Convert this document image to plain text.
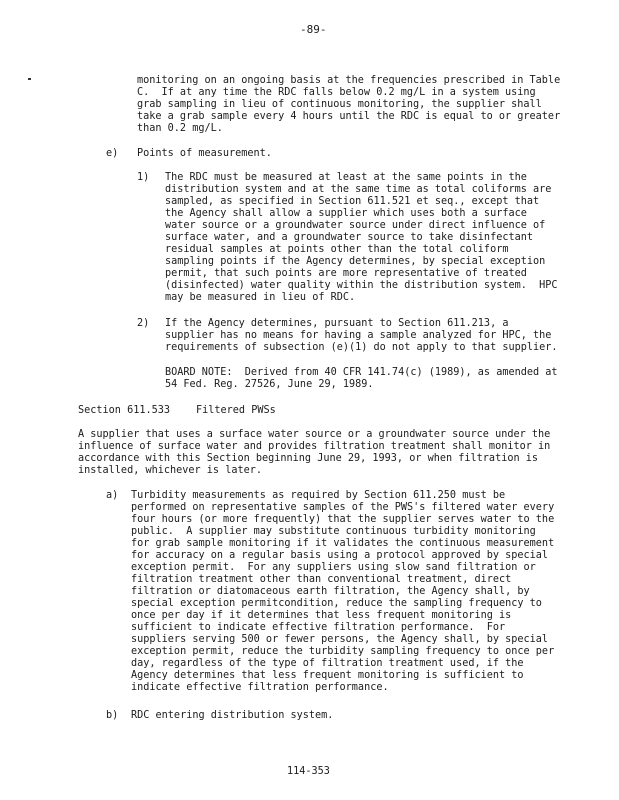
-89-
monitoring on an ongoing basis at the frequencies prescribed in Table
C.  If at any time the RDC falls below 0.2 mg/L in a system using
grab sampling in lieu of continuous monitoring, the supplier shall
take a grab sample every 4 hours until the RDC is equal to or greater
than 0.2 mg/L.
e) Points of measurement.
1) The RDC must be measured at least at the same points in the
distribution system and at the same time as total coliforms are
sampled, as specified in Section 611.521 et seq., except that
the Agency shall allow a supplier which uses both a surface
water source or a groundwater source under direct influence of
surface water, and a groundwater source to take disinfectant
residual samples at points other than the total coliform
sampling points if the Agency determines, by special exception
permit, that such points are more representative of treated
(disinfected) water quality within the distribution system.  HPC
may be measured in lieu of RDC.
2) If the Agency determines, pursuant to Section 611.213, a
supplier has no means for having a sample analyzed for HPC, the
requirements of subsection (e)(1) do not apply to that supplier.
BOARD NOTE:  Derived from 40 CFR 141.74(c) (1989), as amended at
54 Fed. Reg. 27526, June 29, 1989.
Section 611.533	Filtered PWSs
A supplier that uses a surface water source or a groundwater source under the
influence of surface water and provides filtration treatment shall monitor in
accordance with this Section beginning June 29, 1993, or when filtration is
installed, whichever is later.
a) Turbidity measurements as required by Section 611.250 must be
performed on representative samples of the PWS's filtered water every
four hours (or more frequently) that the supplier serves water to the
public.  A supplier may substitute continuous turbidity monitoring
for grab sample monitoring if it validates the continuous measurement
for accuracy on a regular basis using a protocol approved by special
exception permit.  For any suppliers using slow sand filtration or
filtration treatment other than conventional treatment, direct
filtration or diatomaceous earth filtration, the Agency shall, by
special exception permitcondition, reduce the sampling frequency to
once per day if it determines that less frequent monitoring is
sufficient to indicate effective filtration performance.  For
suppliers serving 500 or fewer persons, the Agency shall, by special
exception permit, reduce the turbidity sampling frequency to once per
day, regardless of the type of filtration treatment used, if the
Agency determines that less frequent monitoring is sufficient to
indicate effective filtration performance.
b) RDC entering distribution system.
114-353
